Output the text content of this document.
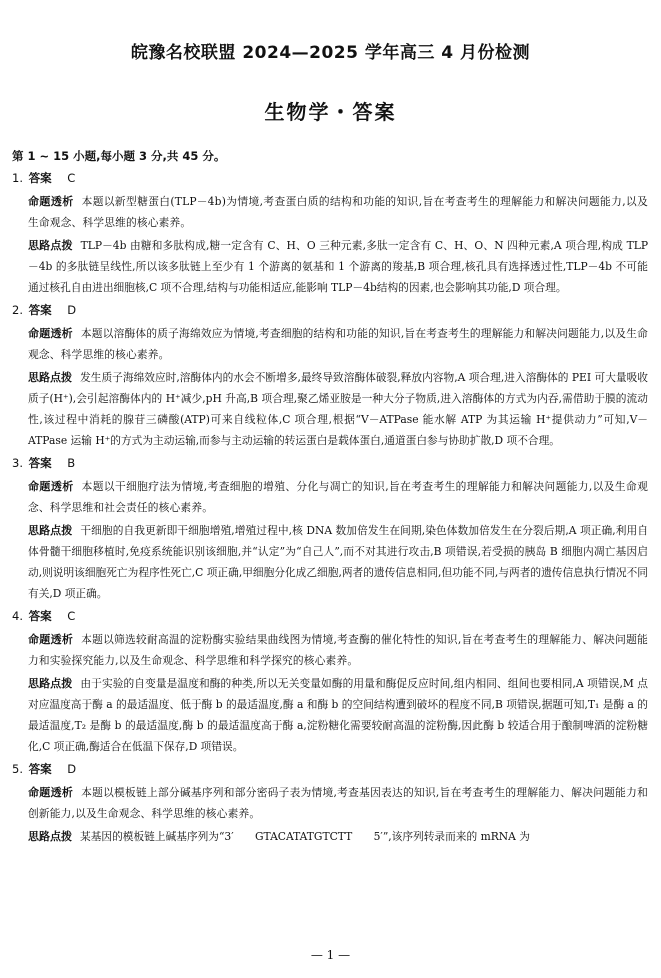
皖豫名校联盟 2024—2025 学年高三 4 月份检测
生物学・答案

第 1 ~ 15 小题,每小题 3 分,共 45 分。

1. 答案 C

命题透析 本题以新型糖蛋白(TLP－4b)为情境,考查蛋白质的结构和功能的知识,旨在考查考生的理解能力和解决问题能力,以及生命观念、科学思维的核心素养。

思路点拨 TLP－4b 由糖和多肽构成,糖一定含有 C、H、O 三种元素,多肽一定含有 C、H、O、N 四种元素,A 项合理,构成 TLP－4b 的多肽链呈线性,所以该多肽链上至少有 1 个游离的氨基和 1 个游离的羧基,B 项合理,核孔具有选择透过性,TLP－4b 不可能通过核孔自由进出细胞核,C 项不合理,结构与功能相适应,能影响 TLP－4b结构的因素,也会影响其功能,D 项合理。

2. 答案 D

命题透析 本题以溶酶体的质子海绵效应为情境,考查细胞的结构和功能的知识,旨在考查考生的理解能力和解决问题能力,以及生命观念、科学思维的核心素养。

思路点拨 发生质子海绵效应时,溶酶体内的水会不断增多,最终导致溶酶体破裂,释放内容物,A 项合理,进入溶酶体的 PEI 可大量吸收质子(H⁺),会引起溶酶体内的 H⁺减少,pH 升高,B 项合理,聚乙烯亚胺是一种大分子物质,进入溶酶体的方式为内吞,需借助于膜的流动性,该过程中消耗的腺苷三磷酸(ATP)可来自线粒体,C 项合理,根据“V－ATPase 能水解 ATP 为其运输 H⁺提供动力”可知,V－ATPase 运输 H⁺的方式为主动运输,而参与主动运输的转运蛋白是载体蛋白,通道蛋白参与协助扩散,D 项不合理。

3. 答案 B

命题透析 本题以干细胞疗法为情境,考查细胞的增殖、分化与凋亡的知识,旨在考查考生的理解能力和解决问题能力,以及生命观念、科学思维和社会责任的核心素养。

思路点拨 干细胞的自我更新即干细胞增殖,增殖过程中,核 DNA 数加倍发生在间期,染色体数加倍发生在分裂后期,A 项正确,利用自体骨髓干细胞移植时,免疫系统能识别该细胞,并“认定”为“自己人”,而不对其进行攻击,B 项错误,若受损的胰岛 B 细胞内凋亡基因启动,则说明该细胞死亡为程序性死亡,C 项正确,甲细胞分化成乙细胞,两者的遗传信息相同,但功能不同,与两者的遗传信息执行情况不同有关,D 项正确。

4. 答案 C

命题透析 本题以筛选较耐高温的淀粉酶实验结果曲线图为情境,考查酶的催化特性的知识,旨在考查考生的理解能力、解决问题能力和实验探究能力,以及生命观念、科学思维和科学探究的核心素养。

思路点拨 由于实验的自变量是温度和酶的种类,所以无关变量如酶的用量和酶促反应时间,组内相同、组间也要相同,A 项错误,M 点对应温度高于酶 a 的最适温度、低于酶 b 的最适温度,酶 a 和酶 b 的空间结构遭到破坏的程度不同,B 项错误,据题可知,T₁ 是酶 a 的最适温度,T₂ 是酶 b 的最适温度,酶 b 的最适温度高于酶 a,淀粉糖化需要较耐高温的淀粉酶,因此酶 b 较适合用于酿制啤酒的淀粉糖化,C 项正确,酶适合在低温下保存,D 项错误。

5. 答案 D

命题透析 本题以模板链上部分碱基序列和部分密码子表为情境,考查基因表达的知识,旨在考查考生的理解能力、解决问题能力和创新能力,以及生命观念、科学思维的核心素养。

思路点拨 某基因的模板链上碱基序列为“3′　　GTACATATGTCTT　　5′”,该序列转录而来的 mRNA 为

— 1 —
